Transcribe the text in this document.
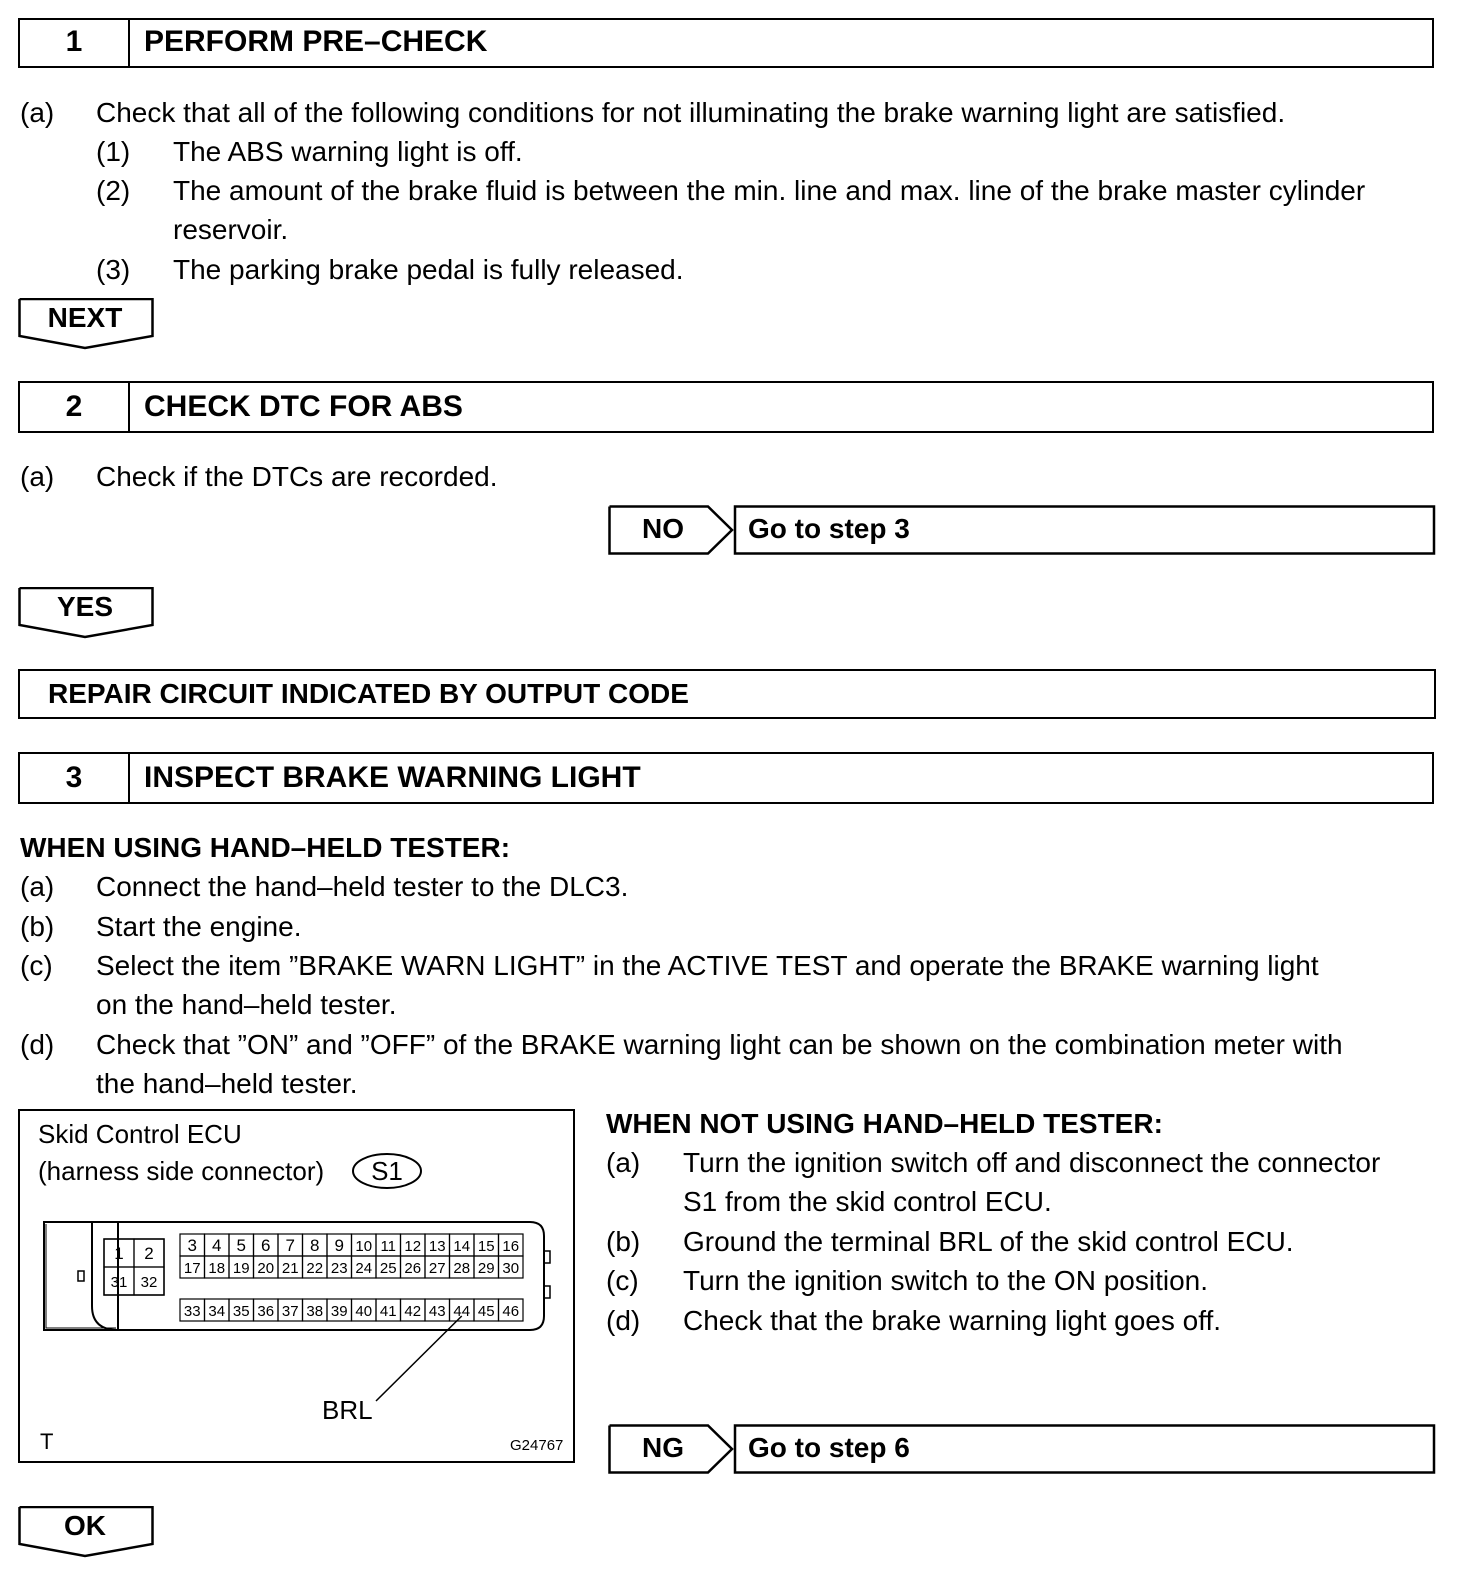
1	PERFORM PRE–CHECK
(a) Check that all of the following conditions for not illuminating the brake warning light are satisfied.
(1) The ABS warning light is off.
(2) The amount of the brake fluid is between the min. line and max. line of the brake master cylinder
reservoir.
(3) The parking brake pedal is fully released.
NEXT
2	CHECK DTC FOR ABS
(a) Check if the DTCs are recorded.
NO	Go to step 3
YES
REPAIR CIRCUIT INDICATED BY OUTPUT CODE
3	INSPECT BRAKE WARNING LIGHT
WHEN USING HAND–HELD TESTER:
(a) Connect the hand–held tester to the DLC3.
(b) Start the engine.
(c) Select the item ”BRAKE WARN LIGHT” in the ACTIVE TEST and operate the BRAKE warning light
on the hand–held tester.
(d) Check that ”ON” and ”OFF” of the BRAKE warning light can be shown on the combination meter with
the hand–held tester.
Skid Control ECU
(harness side connector)	S1
1 2
31 32
3 4 5 6 7 8 9 10 11 12 13 14 15 16
17 18 19 20 21 22 23 24 25 26 27 28 29 30
33 34 35 36 37 38 39 40 41 42 43 44 45 46
BRL
T	G24767
WHEN NOT USING HAND–HELD TESTER:
(a) Turn the ignition switch off and disconnect the connector
S1 from the skid control ECU.
(b) Ground the terminal BRL of the skid control ECU.
(c) Turn the ignition switch to the ON position.
(d) Check that the brake warning light goes off.
NG	Go to step 6
OK
